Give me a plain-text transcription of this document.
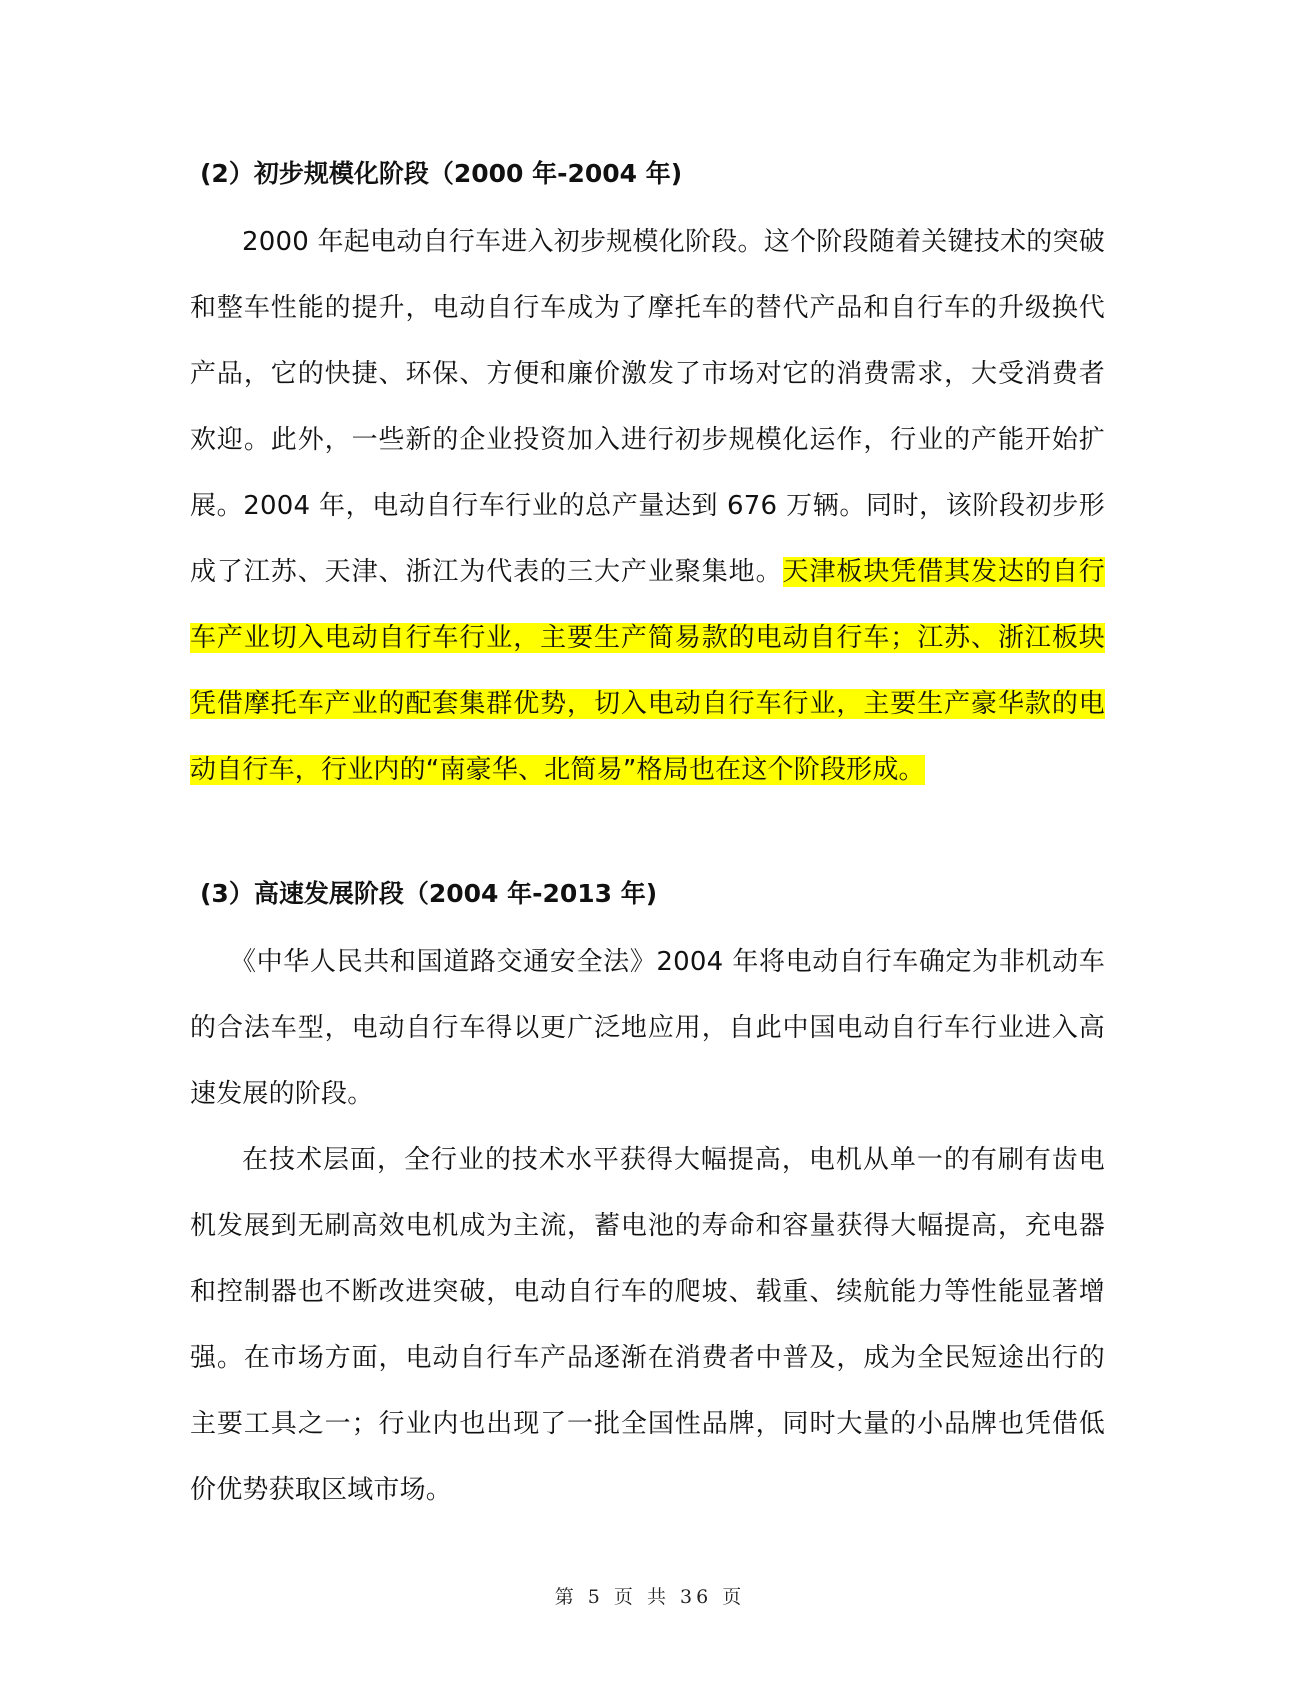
(2）初步规模化阶段（2000 年-2004 年)

2000 年起电动自行车进入初步规模化阶段。这个阶段随着关键技术的突破和整车性能的提升，电动自行车成为了摩托车的替代产品和自行车的升级换代产品，它的快捷、环保、方便和廉价激发了市场对它的消费需求，大受消费者欢迎。此外，一些新的企业投资加入进行初步规模化运作，行业的产能开始扩展。2004 年，电动自行车行业的总产量达到 676 万辆。同时，该阶段初步形成了江苏、天津、浙江为代表的三大产业聚集地。天津板块凭借其发达的自行车产业切入电动自行车行业，主要生产简易款的电动自行车；江苏、浙江板块凭借摩托车产业的配套集群优势，切入电动自行车行业，主要生产豪华款的电动自行车，行业内的“南豪华、北简易”格局也在这个阶段形成。

(3）高速发展阶段（2004 年-2013 年)

《中华人民共和国道路交通安全法》2004 年将电动自行车确定为非机动车的合法车型，电动自行车得以更广泛地应用，自此中国电动自行车行业进入高速发展的阶段。

在技术层面，全行业的技术水平获得大幅提高，电机从单一的有刷有齿电机发展到无刷高效电机成为主流，蓄电池的寿命和容量获得大幅提高，充电器和控制器也不断改进突破，电动自行车的爬坡、载重、续航能力等性能显著增强。在市场方面，电动自行车产品逐渐在消费者中普及，成为全民短途出行的主要工具之一；行业内也出现了一批全国性品牌，同时大量的小品牌也凭借低价优势获取区域市场。

第 5 页 共 36 页
